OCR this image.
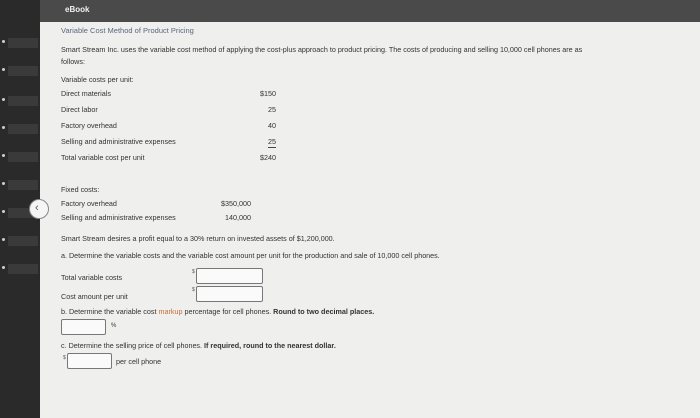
eBook
‹
Variable Cost Method of Product Pricing
Smart Stream Inc. uses the variable cost method of applying the cost-plus approach to product pricing. The costs of producing and selling 10,000 cell phones are as
follows:
Variable costs per unit:
Direct materials	$150
Direct labor	25
Factory overhead	40
Selling and administrative expenses	25
Total variable cost per unit	$240
Fixed costs:
Factory overhead	$350,000
Selling and administrative expenses	140,000
Smart Stream desires a profit equal to a 30% return on invested assets of $1,200,000.
a. Determine the variable costs and the variable cost amount per unit for the production and sale of 10,000 cell phones.
Total variable costs
$
Cost amount per unit
$
b. Determine the variable cost markup percentage for cell phones. Round to two decimal places.
%
c. Determine the selling price of cell phones. If required, round to the nearest dollar.
$	per cell phone
